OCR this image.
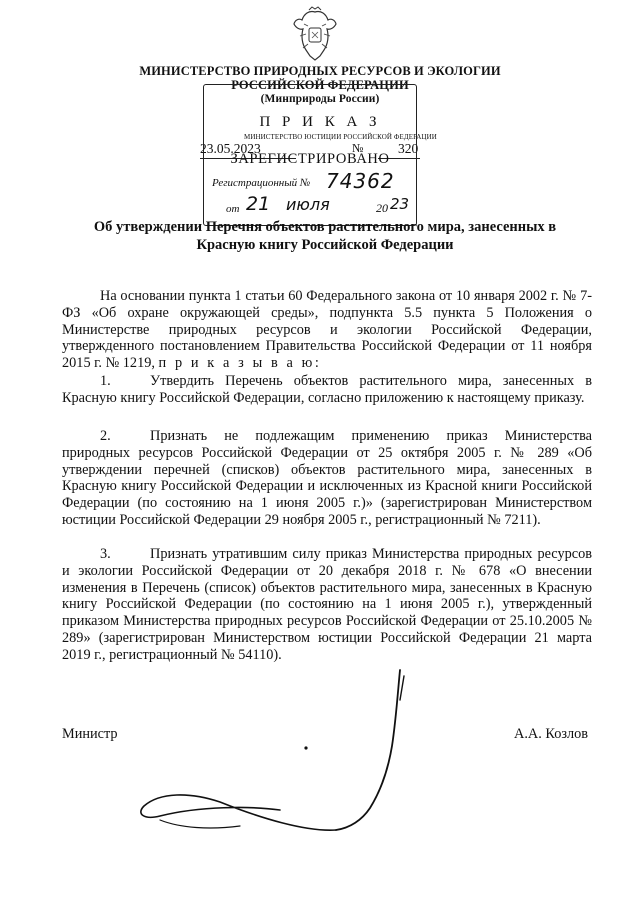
МИНИСТЕРСТВО ПРИРОДНЫХ РЕСУРСОВ И ЭКОЛОГИИ
РОССИЙСКОЙ ФЕДЕРАЦИИ
(Минприроды России)
П Р И К А З
МИНИСТЕРСТВО ЮСТИЦИИ РОССИЙСКОЙ ФЕДЕРАЦИИ
23.05.2023	№	320
ЗАРЕГИСТРИРОВАНО
Регистрационный № 74362
от 21 июля	20 23
Об утверждении Перечня объектов растительного мира, занесенных в
Красную книгу Российской Федерации

На основании пункта 1 статьи 60 Федерального закона от 10 января 2002 г. № 7-ФЗ «Об охране окружающей среды», подпункта 5.5 пункта 5 Положения о Министерстве природных ресурсов и экологии Российской Федерации, утвержденного постановлением Правительства Российской Федерации от 11 ноября 2015 г. № 1219, п р и к а з ы в а ю:

1.	Утвердить Перечень объектов растительного мира, занесенных в Красную книгу Российской Федерации, согласно приложению к настоящему приказу.

2.	Признать не подлежащим применению приказ Министерства природных ресурсов Российской Федерации от 25 октября 2005 г. № 289 «Об утверждении перечней (списков) объектов растительного мира, занесенных в Красную книгу Российской Федерации и исключенных из Красной книги Российской Федерации (по состоянию на 1 июня 2005 г.)» (зарегистрирован Министерством юстиции Российской Федерации 29 ноября 2005 г., регистрационный № 7211).

3.	Признать утратившим силу приказ Министерства природных ресурсов и экологии Российской Федерации от 20 декабря 2018 г. № 678 «О внесении изменения в Перечень (список) объектов растительного мира, занесенных в Красную книгу Российской Федерации (по состоянию на 1 июня 2005 г.), утвержденный приказом Министерства природных ресурсов Российской Федерации от 25.10.2005 № 289» (зарегистрирован Министерством юстиции Российской Федерации 21 марта 2019 г., регистрационный № 54110).

Министр	А.А. Козлов
